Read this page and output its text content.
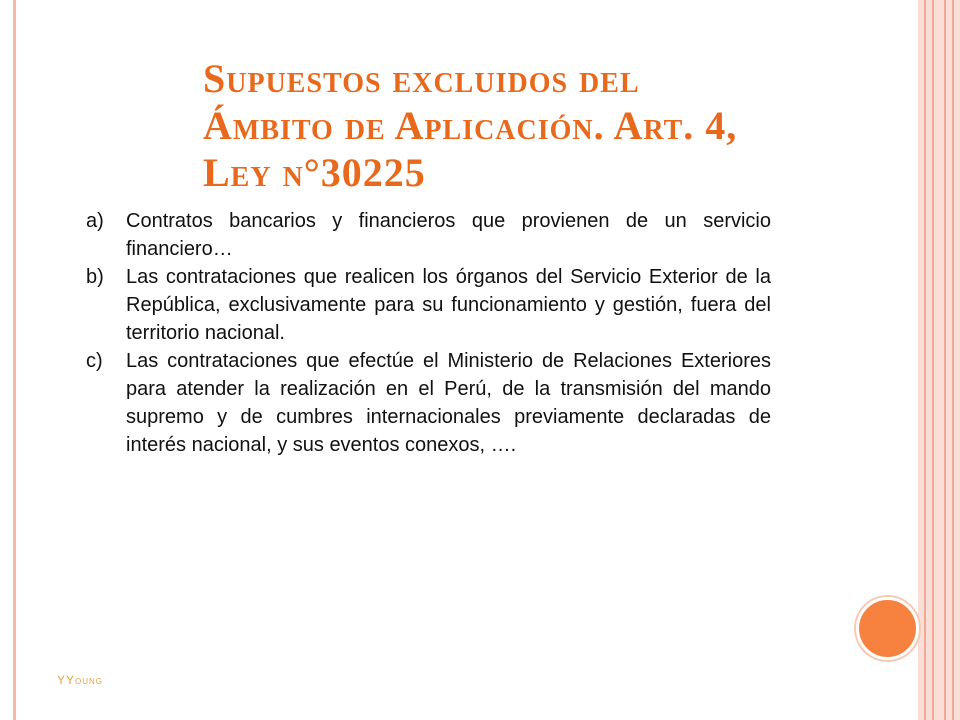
Supuestos excluidos del
Ámbito de Aplicación. Art. 4,
Ley n°30225
a)	Contratos bancarios y financieros que provienen de un servicio financiero…
b)	Las contrataciones que realicen los órganos del Servicio Exterior de la República, exclusivamente para su funcionamiento y gestión, fuera del territorio nacional.
c)	Las contrataciones que efectúe el Ministerio de Relaciones Exteriores para atender la realización en el Perú, de la transmisión del mando supremo y de cumbres internacionales previamente declaradas de interés nacional, y sus eventos conexos, ….
YYoung
